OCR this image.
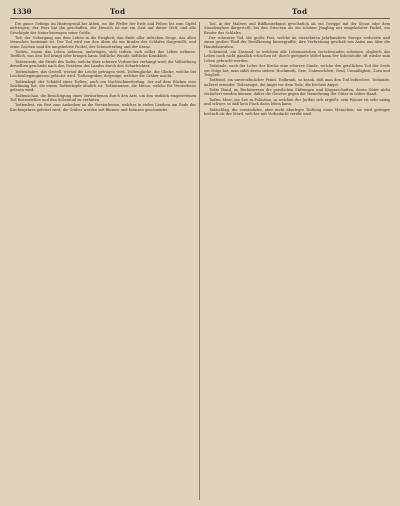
1330	Tod	Tod

Die ganze Gebirge im Hintergrund bei Athen, wo die Pfeiler der Erde und Felsen bis zum Gipfel aufsteigen; der Herr hat ihn geschaffen, der Mensch ist nur ein Gast auf dieser Welt, und alle Geschöpfe der Natur bezeugen seine Größe.

Tod, der Uebergang aus dem Leben in die Ewigkeit; das Ende aller irdischen Dinge, das allen Menschen bestimmt ist. Der Tod wird von den Alten als ein Bruder des Schlafes dargestellt, und seine Zeichen sind die umgekehrte Fackel, der Schmetterling und der Kranz.

Tödten, einem das Leben nehmen, umbringen; sich tödten, sich selbst das Leben nehmen. Tödtlich, was den Tod bringt oder bringen kann; tödtliche Wunde, tödtliche Krankheit.

Todesstrafe, die Strafe des Todes, welche über schwere Verbrecher verhängt wird; die Vollziehung derselben geschieht nach den Gesetzen des Landes durch den Scharfrichter.

Todtenbahre, das Gestell, worauf die Leiche getragen wird. Todtenglocke, die Glocke, welche bei Leichenbegängnissen geläutet wird. Todtengräber, derjenige, welcher die Gräber macht.

Todtenkopf, der Schädel eines Todten; auch ein Nachtschmetterling, der auf dem Rücken eine Zeichnung hat, die einem Todtenkopfe ähnlich ist. Todtenmesse, die Messe, welche für Verstorbene gelesen wird.

Todtenschau, die Besichtigung eines Verstorbenen durch den Arzt, um den wirklich eingetretenen Tod festzustellen und den Scheintod zu verhüten.

Todtenfest, ein Fest zum Andenken an die Verstorbenen, welches in vielen Ländern am Ende des Kirchenjahres gefeiert wird; die Gräber werden mit Blumen und Kränzen geschmückt.

Tod, in der Malerei und Bildhauerkunst gewöhnlich als ein Gerippe mit der Sense oder dem Stundenglase dargestellt; bei den Griechen als ein schöner Jüngling mit umgekehrter Fackel, ein Bruder des Schlafes.

Der schwarze Tod, die große Pest, welche im vierzehnten Jahrhunderte Europa verheerte und einen großen Theil der Bevölkerung hinwegraffte; ihre Verbreitung geschah von Asien aus über die Handelsstraßen.

Scheintod, ein Zustand, in welchem alle Lebenszeichen verschwunden scheinen, obgleich das Leben noch nicht gänzlich erloschen ist; durch geeignete Mittel kann der Scheintodte oft wieder zum Leben gebracht werden.

Todsünde, nach der Lehre der Kirche eine schwere Sünde, welche den geistlichen Tod der Seele zur Folge hat; man zählt deren sieben: Hochmuth, Geiz, Unkeuschheit, Neid, Unmäßigkeit, Zorn und Trägheit.

Todfeind, ein unversöhnlicher Feind. Todkrank, so krank, daß man den Tod befürchtet. Todmüde, äußerst ermüdet. Todesangst, die Angst vor dem Tode; die höchste Angst.

Todte Hand, im Rechtswesen die geistlichen Stiftungen und Körperschaften, deren Güter nicht veräußert werden können; daher die Gesetze gegen die Vermehrung der Güter in todter Hand.

Todtes Meer, ein See in Palästina, in welchen der Jordan sich ergießt; sein Wasser ist sehr salzig und schwer, so daß kein Fisch darin leben kann.

Todtschlag, die vorsätzliche, aber nicht überlegte Tödtung eines Menschen; sie wird geringer bestraft als der Mord, welcher mit Vorbedacht verübt wird.
